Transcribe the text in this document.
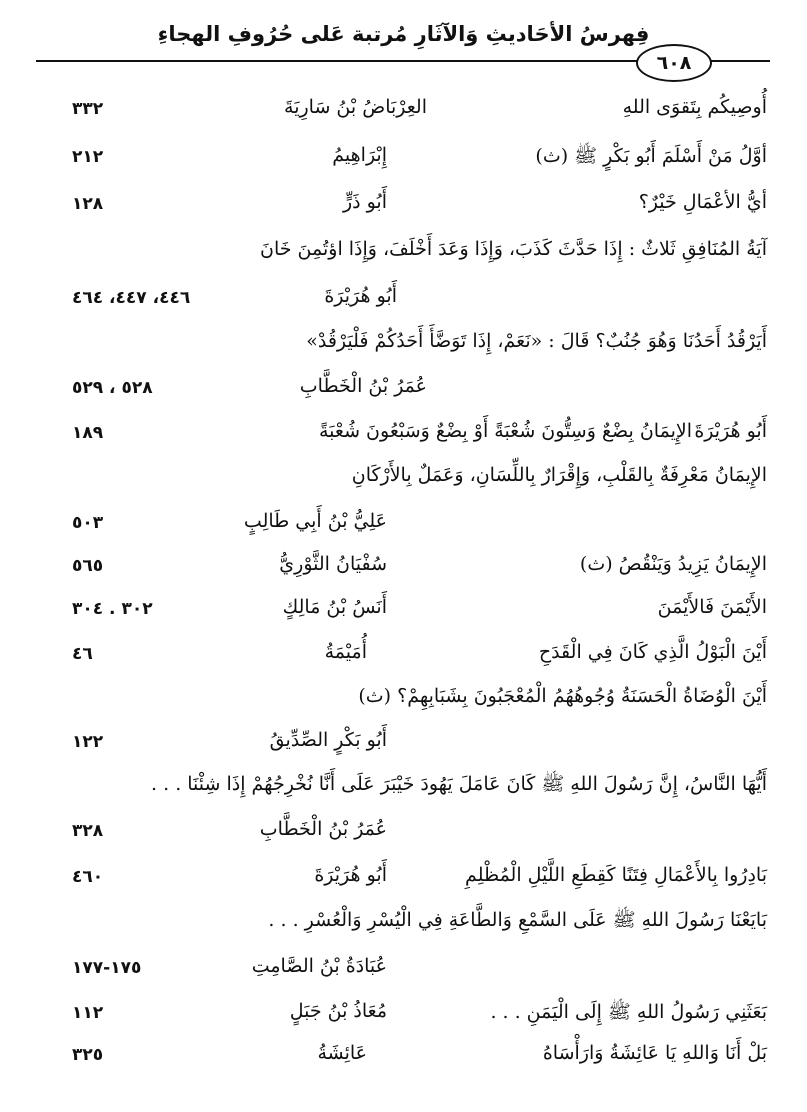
فِهرسُ الأحَاديثِ وَالآثَارِ مُرتبة عَلى حُرُوفِ الهجاءِ
٦٠٨
أُوصِيكُم بِتَقوَى اللهِ
العِرْبَاضُ بْنُ سَارِيَةَ
٣٣٢
أوَّلُ مَنْ أَسْلَمَ أَبُو بَكْرٍ ﷺ (ث)
إِبْرَاهِيمُ
٢١٢
أيُّ الأعْمَالِ خَيْرٌ؟
أَبُو ذَرٍّ
١٢٨
آيَةُ المُنَافِقِ ثَلاثٌ : إِذَا حَدَّثَ كَذَبَ، وَإِذَا وَعَدَ أَخْلَفَ، وَإِذَا اؤتُمِنَ خَانَ
أَبُو هُرَيْرَةَ
٤٤٦، ٤٤٧، ٤٦٤
أَيَرْقُدُ أَحَدُنَا وَهُوَ جُنُبٌ؟ قَالَ : «نَعَمْ، إِذَا تَوَضَّأَ أَحَدُكُمْ فَلْيَرْقُدْ»
عُمَرُ بْنُ الْخَطَّابِ
٥٢٨ ، ٥٢٩
الإِيمَانُ بِضْعٌ وَسِتُّونَ شُعْبَةً أَوْ بِضْعٌ وَسَبْعُونَ شُعْبَةً أَبُو هُرَيْرَةَ
١٨٩
الإِيمَانُ مَعْرِفَةٌ بِالقَلْبِ، وَإِقْرَارٌ بِاللِّسَانِ، وَعَمَلٌ بِالأَرْكَانِ
عَلِيُّ بْنُ أَبِي طَالِبٍ
٥٠٣
الإِيمَانُ يَزِيدُ وَيَنْقُصُ (ث)
سُفْيَانُ الثَّوْرِيُّ
٥٦٥
الأَيْمَنَ فَالأَيْمَنَ
أَنَسُ بْنُ مَالِكٍ
٣٠٢ . ٣٠٤
أَيْنَ الْبَوْلُ الَّذِي كَانَ فِي الْقَدَحِ
أُمَيْمَةُ
٤٦
أَيْنَ الْوُضَاةُ الْحَسَنَةُ وُجُوهُهُمُ الْمُعْجَبُونَ بِشَبَابِهِمْ؟ (ث)
أَبُو بَكْرٍ الصِّدِّيقُ
١٢٢
أَيُّهَا النَّاسُ، إِنَّ رَسُولَ اللهِ ﷺ كَانَ عَامَلَ يَهُودَ خَيْبَرَ عَلَى أَنَّا نُخْرِجُهُمْ إِذَا شِئْنَا . . .
عُمَرُ بْنُ الْخَطَّابِ
٣٢٨
بَادِرُوا بِالأَعْمَالِ فِتَنًا كَقِطَعِ اللَّيْلِ الْمُظْلِمِ
أَبُو هُرَيْرَةَ
٤٦٠
بَايَعْنَا رَسُولَ اللهِ ﷺ عَلَى السَّمْعِ وَالطَّاعَةِ فِي الْيُسْرِ وَالْعُسْرِ . . .
عُبَادَةُ بْنُ الصَّامِتِ
١٧٥-١٧٧
بَعَثَنِي رَسُولُ اللهِ ﷺ إِلَى الْيَمَنِ . . .
مُعَاذُ بْنُ جَبَلٍ
١١٢
بَلْ أَنَا وَاللهِ يَا عَائِشَةُ وَارَأْسَاهُ
عَائِشَةُ
٣٢٥
